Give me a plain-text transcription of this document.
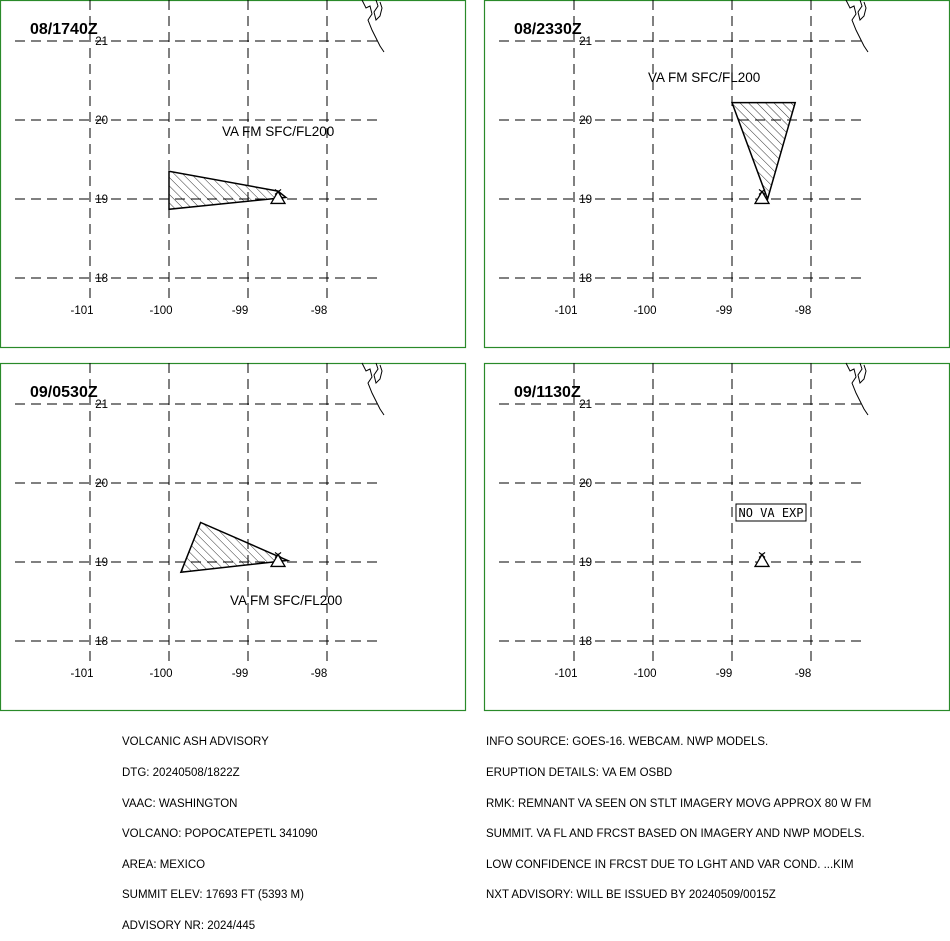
-101	-100	-99	-98
18
19
20
21
08/1740Z
VA FM SFC/FL200
-101	-100	-99	-98
18
19
20
21
08/2330Z
VA FM SFC/FL200
-101	-100	-99	-98
18
19
20
21
09/0530Z
VA FM SFC/FL200
-101	-100	-99	-98
18
19
20
21
09/1130Z
NO VA EXP

VOLCANIC ASH ADVISORY

DTG: 20240508/1822Z

VAAC: WASHINGTON

VOLCANO: POPOCATEPETL 341090

AREA: MEXICO

SUMMIT ELEV: 17693 FT (5393 M)

ADVISORY NR: 2024/445

INFO SOURCE: GOES-16. WEBCAM. NWP MODELS.

ERUPTION DETAILS: VA EM OSBD

RMK: REMNANT VA SEEN ON STLT IMAGERY MOVG APPROX 80 W FM

SUMMIT. VA FL AND FRCST BASED ON IMAGERY AND NWP MODELS.

LOW CONFIDENCE IN FRCST DUE TO LGHT AND VAR COND. ...KIM

NXT ADVISORY: WILL BE ISSUED BY 20240509/0015Z
